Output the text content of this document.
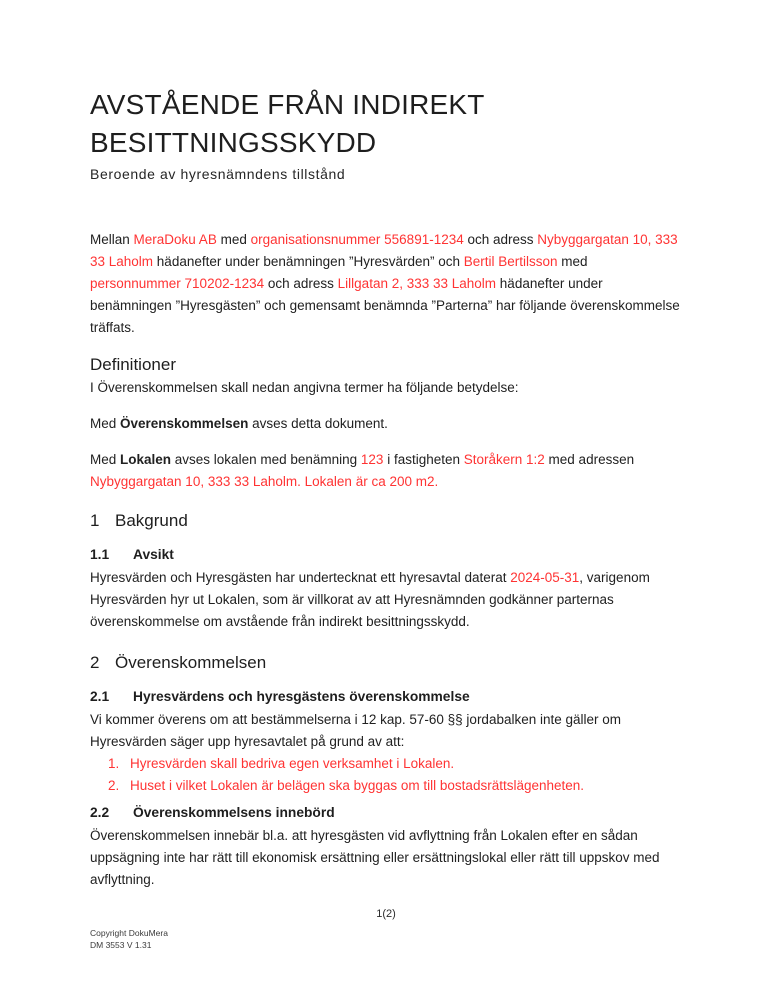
AVSTÅENDE FRÅN INDIREKT BESITTNINGSSKYDD
Beroende av hyresnämndens tillstånd

Mellan MeraDoku AB med organisationsnummer 556891-1234 och adress Nybyggargatan 10, 333 33 Laholm hädanefter under benämningen ”Hyresvärden” och Bertil Bertilsson med personnummer 710202-1234 och adress Lillgatan 2, 333 33 Laholm hädanefter under benämningen ”Hyresgästen” och gemensamt benämnda ”Parterna” har följande överenskommelse träffats.

Definitioner

I Överenskommelsen skall nedan angivna termer ha följande betydelse:

Med Överenskommelsen avses detta dokument.

Med Lokalen avses lokalen med benämning 123 i fastigheten Storåkern 1:2 med adressen Nybyggargatan 10, 333 33 Laholm. Lokalen är ca 200 m2.

1 Bakgrund
1.1 Avsikt

Hyresvärden och Hyresgästen har undertecknat ett hyresavtal daterat 2024-05-31, varigenom Hyresvärden hyr ut Lokalen, som är villkorat av att Hyresnämnden godkänner parternas överenskommelse om avstående från indirekt besittningsskydd.

2 Överenskommelsen
2.1 Hyresvärdens och hyresgästens överenskommelse

Vi kommer överens om att bestämmelserna i 12 kap. 57-60 §§ jordabalken inte gäller om Hyresvärden säger upp hyresavtalet på grund av att:

1. Hyresvärden skall bedriva egen verksamhet i Lokalen.
2. Huset i vilket Lokalen är belägen ska byggas om till bostadsrättslägenheten.
2.2 Överenskommelsens innebörd

Överenskommelsen innebär bl.a. att hyresgästen vid avflyttning från Lokalen efter en sådan uppsägning inte har rätt till ekonomisk ersättning eller ersättningslokal eller rätt till uppskov med avflyttning.

1(2)
Copyright DokuMera
DM 3553 V 1.31
